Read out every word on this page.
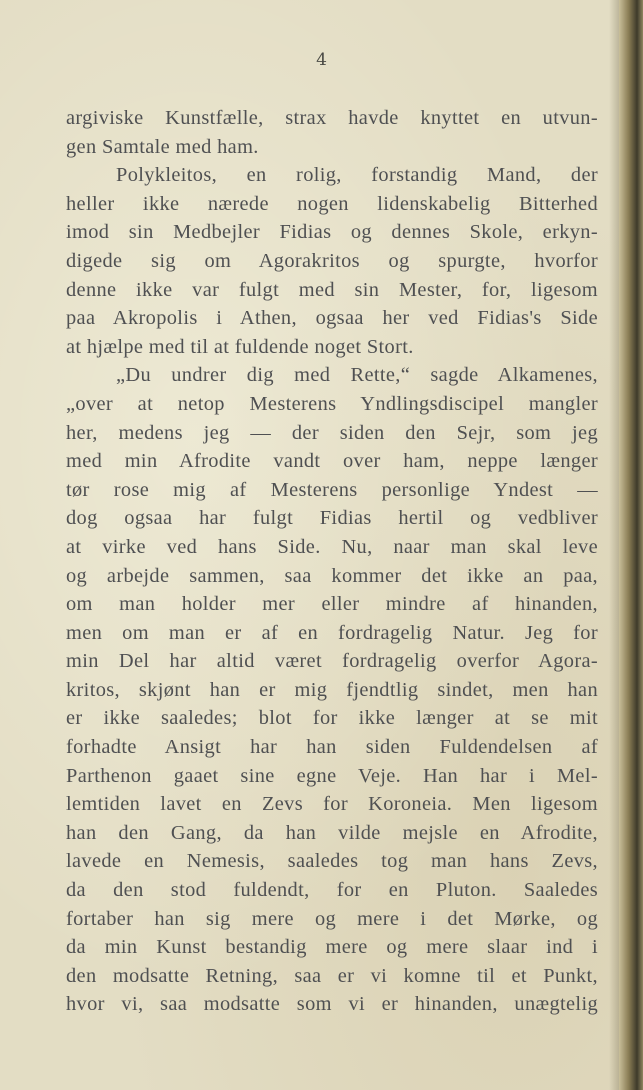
4
argiviske Kunstfælle, strax havde knyttet en utvun-
gen Samtale med ham.
Polykleitos, en rolig, forstandig Mand, der
heller ikke nærede nogen lidenskabelig Bitterhed
imod sin Medbejler Fidias og dennes Skole, erkyn-
digede sig om Agorakritos og spurgte, hvorfor
denne ikke var fulgt med sin Mester, for, ligesom
paa Akropolis i Athen, ogsaa her ved Fidias's Side
at hjælpe med til at fuldende noget Stort.
„Du undrer dig med Rette,“ sagde Alkamenes,
„over at netop Mesterens Yndlingsdiscipel mangler
her, medens jeg — der siden den Sejr, som jeg
med min Afrodite vandt over ham, neppe længer
tør rose mig af Mesterens personlige Yndest —
dog ogsaa har fulgt Fidias hertil og vedbliver
at virke ved hans Side. Nu, naar man skal leve
og arbejde sammen, saa kommer det ikke an paa,
om man holder mer eller mindre af hinanden,
men om man er af en fordragelig Natur. Jeg for
min Del har altid været fordragelig overfor Agora-
kritos, skjønt han er mig fjendtlig sindet, men han
er ikke saaledes; blot for ikke længer at se mit
forhadte Ansigt har han siden Fuldendelsen af
Parthenon gaaet sine egne Veje. Han har i Mel-
lemtiden lavet en Zevs for Koroneia. Men ligesom
han den Gang, da han vilde mejsle en Afrodite,
lavede en Nemesis, saaledes tog man hans Zevs,
da den stod fuldendt, for en Pluton. Saaledes
fortaber han sig mere og mere i det Mørke, og
da min Kunst bestandig mere og mere slaar ind i
den modsatte Retning, saa er vi komne til et Punkt,
hvor vi, saa modsatte som vi er hinanden, unægtelig
